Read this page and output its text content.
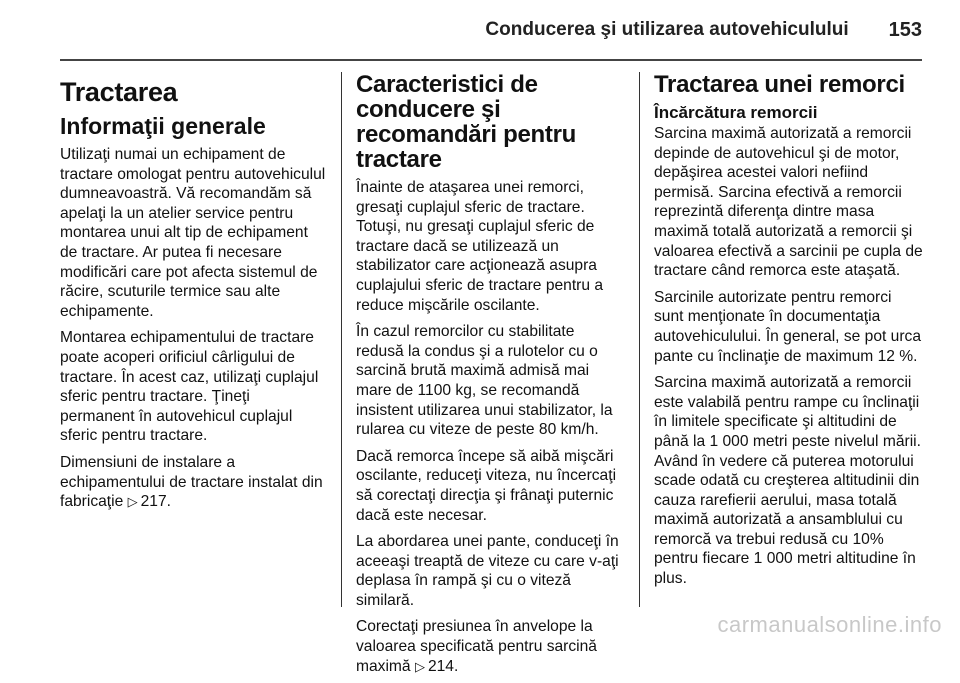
Conducerea şi utilizarea autovehiculului 153
Tractarea
Informaţii generale

Utilizaţi numai un echipament de tractare omologat pentru autovehiculul dumneavoastră. Vă recomandăm să apelaţi la un atelier service pentru montarea unui alt tip de echipament de tractare. Ar putea fi necesare modificări care pot afecta sistemul de răcire, scuturile termice sau alte echipamente.

Montarea echipamentului de tractare poate acoperi orificiul cârligului de tractare. În acest caz, utilizaţi cuplajul sferic pentru tractare. Ţineţi permanent în autovehicul cuplajul sferic pentru tractare.

Dimensiuni de instalare a echipamentului de tractare instalat din fabricaţie ▷ 217.

Caracteristici de conducere şi recomandări pentru tractare

Înainte de ataşarea unei remorci, gresaţi cuplajul sferic de tractare. Totuşi, nu gresaţi cuplajul sferic de tractare dacă se utilizează un stabilizator care acţionează asupra cuplajului sferic de tractare pentru a reduce mişcările oscilante.

În cazul remorcilor cu stabilitate redusă la condus şi a rulotelor cu o sarcină brută maximă admisă mai mare de 1100 kg, se recomandă insistent utilizarea unui stabilizator, la rularea cu viteze de peste 80 km/h.

Dacă remorca începe să aibă mişcări oscilante, reduceţi viteza, nu încercaţi să corectaţi direcţia şi frânaţi puternic dacă este necesar.

La abordarea unei pante, conduceţi în aceeaşi treaptă de viteze cu care v-aţi deplasa în rampă şi cu o viteză similară.

Corectaţi presiunea în anvelope la valoarea specificată pentru sarcină maximă ▷ 214.

Tractarea unei remorci
Încărcătura remorcii

Sarcina maximă autorizată a remorcii depinde de autovehicul şi de motor, depăşirea acestei valori nefiind permisă. Sarcina efectivă a remorcii reprezintă diferenţa dintre masa maximă totală autorizată a remorcii şi valoarea efectivă a sarcinii pe cupla de tractare când remorca este ataşată.

Sarcinile autorizate pentru remorci sunt menţionate în documentaţia autovehiculului. În general, se pot urca pante cu înclinaţie de maximum 12 %.

Sarcina maximă autorizată a remorcii este valabilă pentru rampe cu înclinaţii în limitele specificate şi altitudini de până la 1 000 metri peste nivelul mării. Având în vedere că puterea motorului scade odată cu creşterea altitudinii din cauza rarefierii aerului, masa totală maximă autorizată a ansamblului cu remorcă va trebui redusă cu 10% pentru fiecare 1 000 metri altitudine în plus.

carmanualsonline.info
